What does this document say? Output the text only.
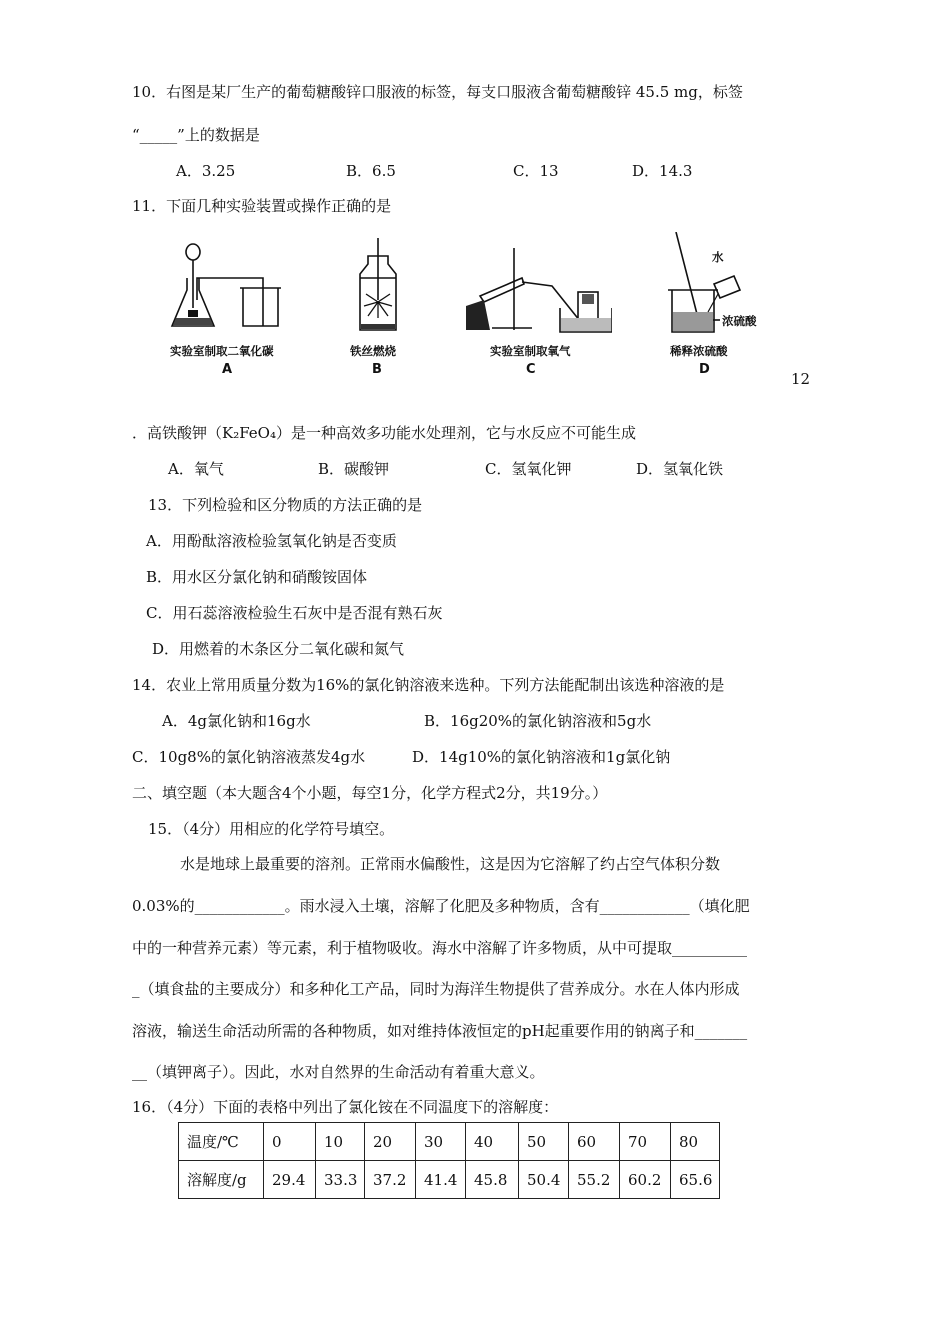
10．右图是某厂生产的葡萄糖酸锌口服液的标签，每支口服液含葡萄糖酸锌 45.5 mg，标签
“_____”上的数据是
A．3.25	B．6.5	C．13	D．14.3
11．下面几种实验装置或操作正确的是
实验室制取二氧化碳
A
铁丝燃烧
B
实验室制取氧气
C
水
浓硫酸
稀释浓硫酸
D
12
．高铁酸钾（K₂FeO₄）是一种高效多功能水处理剂，它与水反应不可能生成
A．氧气	B．碳酸钾	C．氢氧化钾	D．氢氧化铁
13．下列检验和区分物质的方法正确的是
A．用酚酞溶液检验氢氧化钠是否变质
B．用水区分氯化钠和硝酸铵固体
C．用石蕊溶液检验生石灰中是否混有熟石灰
D．用燃着的木条区分二氧化碳和氮气
14．农业上常用质量分数为16%的氯化钠溶液来选种。下列方法能配制出该选种溶液的是
A．4g氯化钠和16g水	B．16g20%的氯化钠溶液和5g水
C．10g8%的氯化钠溶液蒸发4g水	D．14g10%的氯化钠溶液和1g氯化钠
二、填空题（本大题含4个小题，每空1分，化学方程式2分，共19分。）
15．（4分）用相应的化学符号填空。
水是地球上最重要的溶剂。正常雨水偏酸性，这是因为它溶解了约占空气体积分数
0.03%的____________。雨水浸入土壤，溶解了化肥及多种物质，含有____________（填化肥
中的一种营养元素）等元素，利于植物吸收。海水中溶解了许多物质，从中可提取__________
_（填食盐的主要成分）和多种化工产品，同时为海洋生物提供了营养成分。水在人体内形成
溶液，输送生命活动所需的各种物质，如对维持体液恒定的pH起重要作用的钠离子和_______
__（填钾离子）。因此，水对自然界的生命活动有着重大意义。
16．（4分）下面的表格中列出了氯化铵在不同温度下的溶解度：
温度/℃	0	10	20	30	40	50	60	70	80
溶解度/g	29.4	33.3	37.2	41.4	45.8	50.4	55.2	60.2	65.6
